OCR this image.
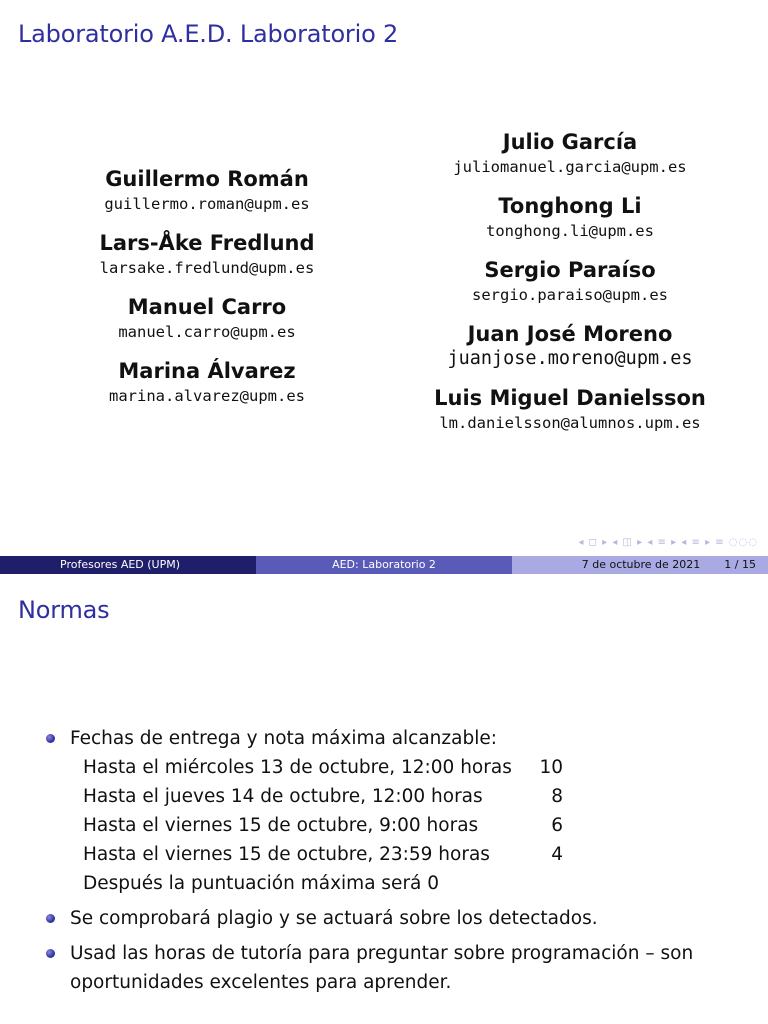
Laboratorio A.E.D. Laboratorio 2
Guillermo Román
guillermo.roman@upm.es
Lars-Åke Fredlund
larsake.fredlund@upm.es
Manuel Carro
manuel.carro@upm.es
Marina Álvarez
marina.alvarez@upm.es
Julio García
juliomanuel.garcia@upm.es
Tonghong Li
tonghong.li@upm.es
Sergio Paraíso
sergio.paraiso@upm.es
Juan José Moreno
juanjose.moreno@upm.es
Luis Miguel Danielsson
lm.danielsson@alumnos.upm.es
◂ ◻ ▸ ◂ ◫ ▸ ◂ ≡ ▸ ◂ ≡ ▸ ≡ ◌◌◌
Profesores AED (UPM)	AED: Laboratorio 2	7 de octubre de 2021 1 / 15
Normas
Fechas de entrega y nota máxima alcanzable:
Hasta el miércoles 13 de octubre, 12:00 horas	10
Hasta el jueves 14 de octubre, 12:00 horas	8
Hasta el viernes 15 de octubre, 9:00 horas	6
Hasta el viernes 15 de octubre, 23:59 horas	4
Después la puntuación máxima será 0
Se comprobará plagio y se actuará sobre los detectados.
Usad las horas de tutoría para preguntar sobre programación – son oportunidades excelentes para aprender.
